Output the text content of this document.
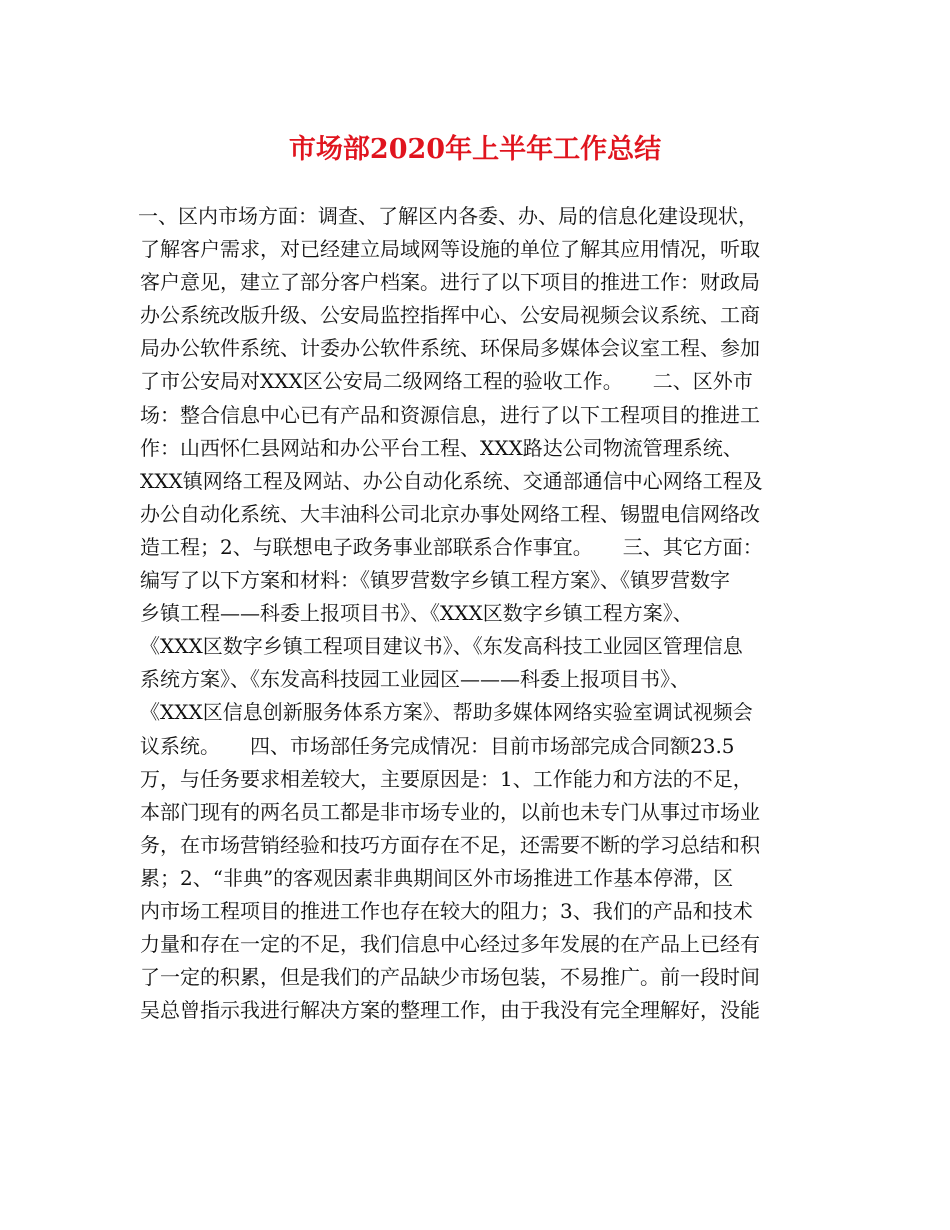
市场部2020年上半年工作总结
一、区内市场方面：调查、了解区内各委、办、局的信息化建设现状，
了解客户需求，对已经建立局域网等设施的单位了解其应用情况，听取
客户意见，建立了部分客户档案。进行了以下项目的推进工作：财政局
办公系统改版升级、公安局监控指挥中心、公安局视频会议系统、工商
局办公软件系统、计委办公软件系统、环保局多媒体会议室工程、参加
了市公安局对XXX区公安局二级网络工程的验收工作。　　二、区外市
场：整合信息中心已有产品和资源信息，进行了以下工程项目的推进工
作：山西怀仁县网站和办公平台工程、XXX路达公司物流管理系统、
XXX镇网络工程及网站、办公自动化系统、交通部通信中心网络工程及
办公自动化系统、大丰油科公司北京办事处网络工程、锡盟电信网络改
造工程；2、与联想电子政务事业部联系合作事宜。　　三、其它方面：
编写了以下方案和材料：《镇罗营数字乡镇工程方案》、《镇罗营数字
乡镇工程——科委上报项目书》、《XXX区数字乡镇工程方案》、
《XXX区数字乡镇工程项目建议书》、《东发高科技工业园区管理信息
系统方案》、《东发高科技园工业园区———科委上报项目书》、
《XXX区信息创新服务体系方案》、帮助多媒体网络实验室调试视频会
议系统。　　四、市场部任务完成情况：目前市场部完成合同额23.5
万，与任务要求相差较大，主要原因是：1、工作能力和方法的不足，
本部门现有的两名员工都是非市场专业的，以前也未专门从事过市场业
务，在市场营销经验和技巧方面存在不足，还需要不断的学习总结和积
累；2、“非典”的客观因素非典期间区外市场推进工作基本停滞，区
内市场工程项目的推进工作也存在较大的阻力；3、我们的产品和技术
力量和存在一定的不足，我们信息中心经过多年发展的在产品上已经有
了一定的积累，但是我们的产品缺少市场包装，不易推广。前一段时间
吴总曾指示我进行解决方案的整理工作，由于我没有完全理解好，没能
